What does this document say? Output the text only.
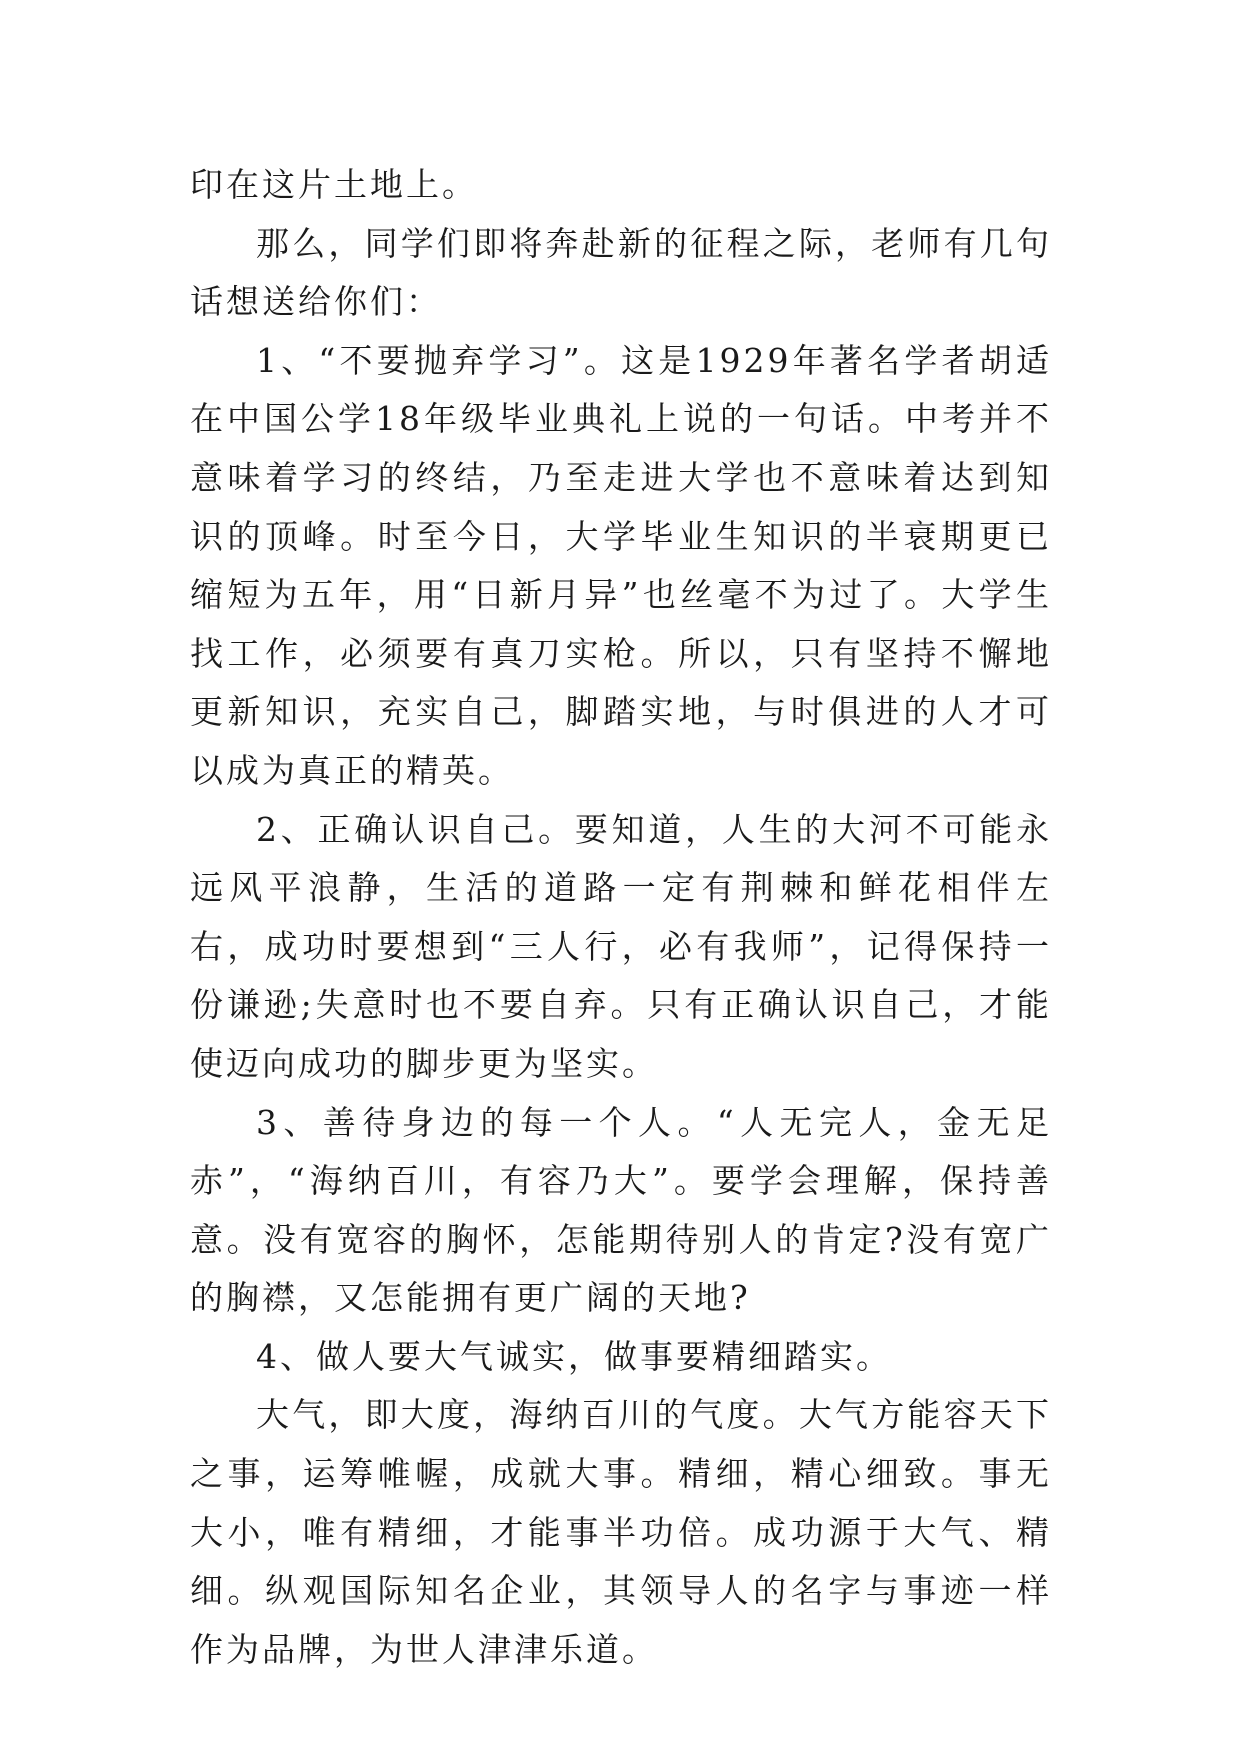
印在这片土地上。

那么，同学们即将奔赴新的征程之际，老师有几句话想送给你们：

1、“不要抛弃学习”。这是1929年著名学者胡适在中国公学18年级毕业典礼上说的一句话。中考并不意味着学习的终结，乃至走进大学也不意味着达到知识的顶峰。时至今日，大学毕业生知识的半衰期更已缩短为五年，用“日新月异”也丝毫不为过了。大学生找工作，必须要有真刀实枪。所以，只有坚持不懈地更新知识，充实自己，脚踏实地，与时俱进的人才可以成为真正的精英。

2、正确认识自己。要知道，人生的大河不可能永远风平浪静，生活的道路一定有荆棘和鲜花相伴左右，成功时要想到“三人行，必有我师”，记得保持一份谦逊;失意时也不要自弃。只有正确认识自己，才能使迈向成功的脚步更为坚实。

3、善待身边的每一个人。“人无完人，金无足赤”，“海纳百川，有容乃大”。要学会理解，保持善意。没有宽容的胸怀，怎能期待别人的肯定?没有宽广的胸襟，又怎能拥有更广阔的天地?

4、做人要大气诚实，做事要精细踏实。

大气，即大度，海纳百川的气度。大气方能容天下之事，运筹帷幄，成就大事。精细，精心细致。事无大小，唯有精细，才能事半功倍。成功源于大气、精细。纵观国际知名企业，其领导人的名字与事迹一样作为品牌，为世人津津乐道。
